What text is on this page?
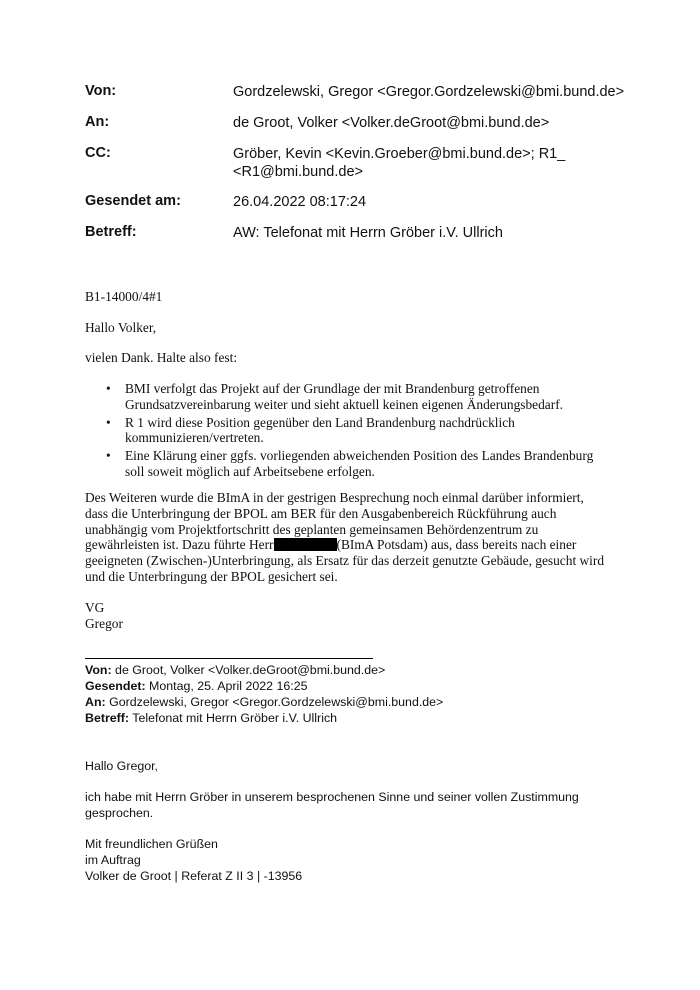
Von:	Gordzelewski, Gregor <Gregor.Gordzelewski@bmi.bund.de>
An:	de Groot, Volker <Volker.deGroot@bmi.bund.de>
CC:	Gröber, Kevin <Kevin.Groeber@bmi.bund.de>; R1_
<R1@bmi.bund.de>
Gesendet am:	26.04.2022 08:17:24
Betreff:	AW: Telefonat mit Herrn Gröber i.V. Ullrich
B1-14000/4#1
Hallo Volker,
vielen Dank. Halte also fest:
• BMI verfolgt das Projekt auf der Grundlage der mit Brandenburg getroffenen
Grundsatzvereinbarung weiter und sieht aktuell keinen eigenen Änderungsbedarf.
• R 1 wird diese Position gegenüber den Land Brandenburg nachdrücklich
kommunizieren/vertreten.
• Eine Klärung einer ggfs. vorliegenden abweichenden Position des Landes Brandenburg
soll soweit möglich auf Arbeitsebene erfolgen.

Des Weiteren wurde die BImA in der gestrigen Besprechung noch einmal darüber informiert,

dass die Unterbringung der BPOL am BER für den Ausgabenbereich Rückführung auch

unabhängig vom Projektfortschritt des geplanten gemeinsamen Behördenzentrum zu

gewährleisten ist. Dazu führte Herr	(BImA Potsdam) aus, dass bereits nach einer

geeigneten (Zwischen-)Unterbringung, als Ersatz für das derzeit genutzte Gebäude, gesucht wird

und die Unterbringung der BPOL gesichert sei.

VG
Gregor
Von: de Groot, Volker <Volker.deGroot@bmi.bund.de>
Gesendet: Montag, 25. April 2022 16:25
An: Gordzelewski, Gregor <Gregor.Gordzelewski@bmi.bund.de>
Betreff: Telefonat mit Herrn Gröber i.V. Ullrich
Hallo Gregor,
ich habe mit Herrn Gröber in unserem besprochenen Sinne und seiner vollen Zustimmung
gesprochen.
Mit freundlichen Grüßen
im Auftrag
Volker de Groot | Referat Z II 3 | -13956
